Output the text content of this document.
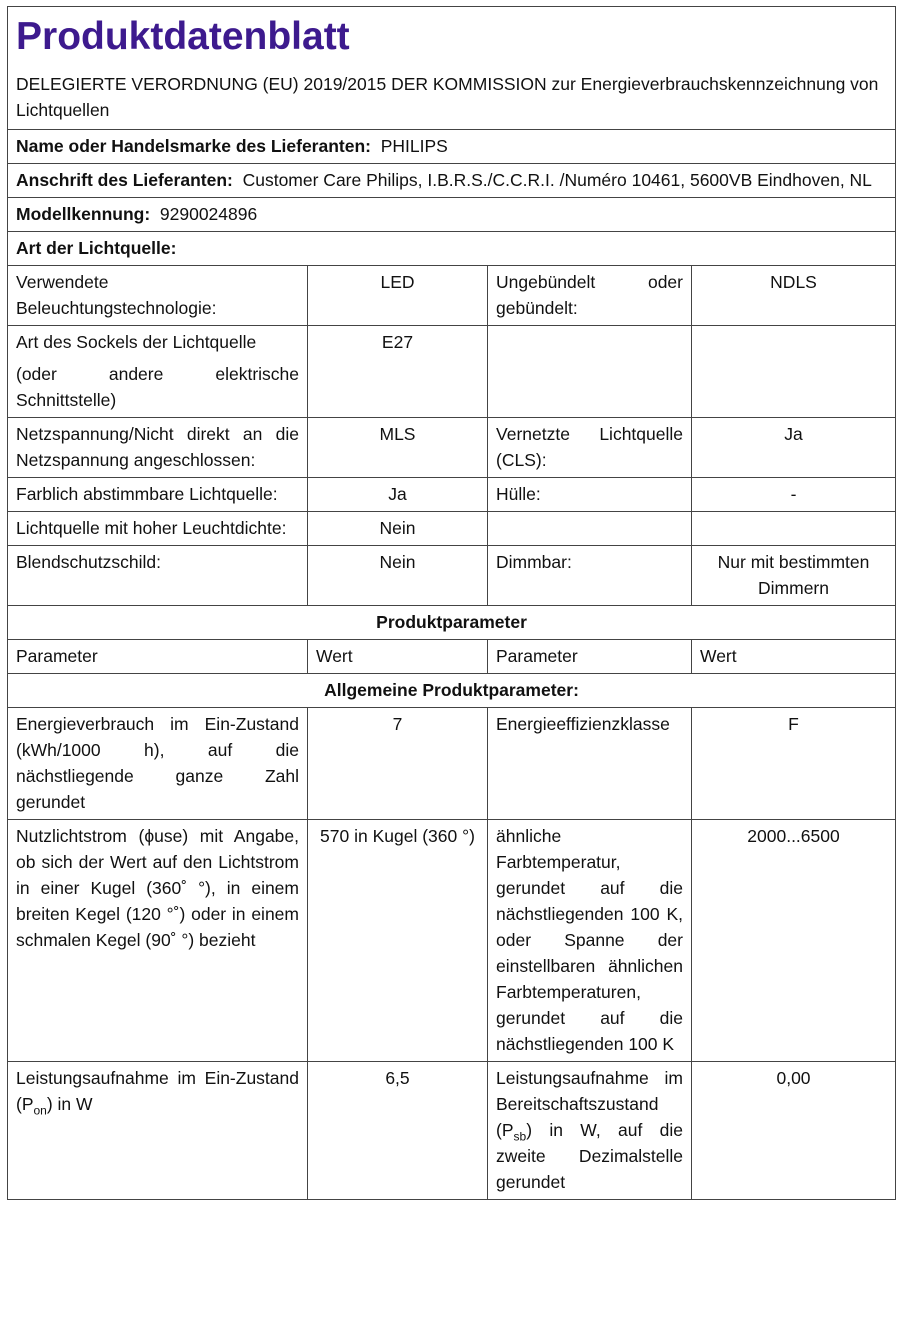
Produktdatenblatt
DELEGIERTE VERORDNUNG (EU) 2019/2015 DER KOMMISSION zur Energieverbrauchskennzeichnung von Lichtquellen			

Name oder Handelsmarke des Lieferanten: PHILIPS			
Anschrift des Lieferanten: Customer Care Philips, I.B.R.S./C.C.R.I. /Numéro 10461, 5600VB Eindhoven, NL			
Modellkennung: 9290024896			
Art der Lichtquelle:			
Verwendete Beleuchtungstechnologie:	LED	Ungebündelt oder gebündelt:	NDLS

Art des Sockels der Lichtquelle
(oder andere elektrische Schnittstelle)	E27		
Netzspannung/Nicht direkt an die Netzspannung angeschlossen:	MLS	Vernetzte Lichtquelle (CLS):	Ja
Farblich abstimmbare Lichtquelle:	Ja	Hülle:	-
Lichtquelle mit hoher Leuchtdichte:	Nein		
Blendschutzschild:	Nein	Dimmbar:	Nur mit bestimmten Dimmern
Produktparameter			
Parameter	Wert	Parameter	Wert
Allgemeine Produktparameter:			
Energieverbrauch im Ein-Zustand (kWh/1000 h), auf die nächstliegende ganze Zahl gerundet	7	Energieeffizienzklasse	F
Nutzlichtstrom (ϕuse) mit Angabe, ob sich der Wert auf den Lichtstrom in einer Kugel (360˚ °), in einem breiten Kegel (120 °˚) oder in einem schmalen Kegel (90˚ °) bezieht	570 in Kugel (360 °)	ähnliche Farbtemperatur, gerundet auf die nächstliegenden 100 K, oder Spanne der einstellbaren ähnlichen Farbtemperaturen, gerundet auf die nächstliegenden 100 K	2000...6500
Leistungsaufnahme im Ein-Zustand $(P_{on})$ in W	6,5	Leistungsaufnahme im Bereitschaftszustand $(P_{sb})$ in W, auf die zweite Dezimalstelle gerundet	0,00
